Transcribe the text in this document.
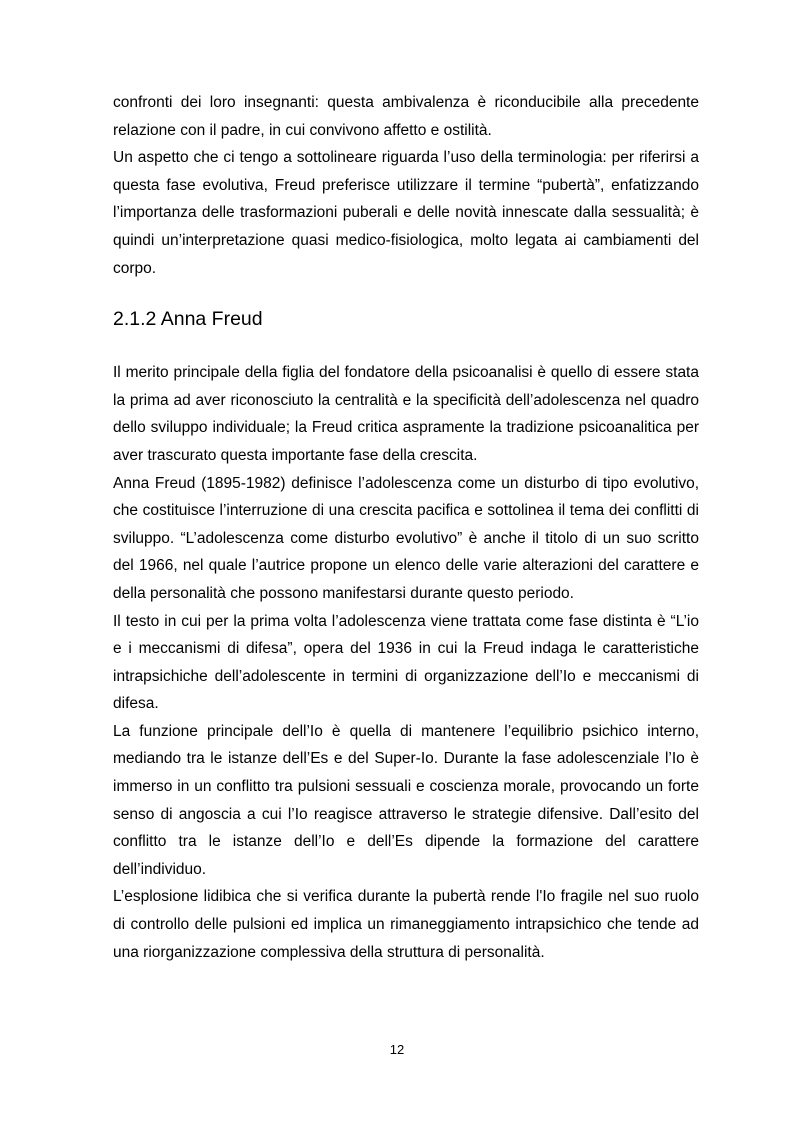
confronti dei loro insegnanti: questa ambivalenza è riconducibile alla precedente relazione con il padre, in cui convivono affetto e ostilità.

Un aspetto che ci tengo a sottolineare riguarda l’uso della terminologia: per riferirsi a questa fase evolutiva, Freud preferisce utilizzare il termine “pubertà”, enfatizzando l’importanza delle trasformazioni puberali e delle novità innescate dalla sessualità; è quindi un’interpretazione quasi medico-fisiologica, molto legata ai cambiamenti del corpo.

2.1.2 Anna Freud

Il merito principale della figlia del fondatore della psicoanalisi è quello di essere stata la prima ad aver riconosciuto la centralità e la specificità dell’adolescenza nel quadro dello sviluppo individuale; la Freud critica aspramente la tradizione psicoanalitica per aver trascurato questa importante fase della crescita.

Anna Freud (1895-1982) definisce l’adolescenza come un disturbo di tipo evolutivo, che costituisce l’interruzione di una crescita pacifica e sottolinea il tema dei conflitti di sviluppo. “L’adolescenza come disturbo evolutivo” è anche il titolo di un suo scritto del 1966, nel quale l’autrice propone un elenco delle varie alterazioni del carattere e della personalità che possono manifestarsi durante questo periodo.

Il testo in cui per la prima volta l’adolescenza viene trattata come fase distinta è “L’io e i meccanismi di difesa”, opera del 1936 in cui la Freud indaga le caratteristiche intrapsichiche dell’adolescente in termini di organizzazione dell’Io e meccanismi di difesa.

La funzione principale dell’Io è quella di mantenere l’equilibrio psichico interno, mediando tra le istanze dell’Es e del Super-Io. Durante la fase adolescenziale l’Io è immerso in un conflitto tra pulsioni sessuali e coscienza morale, provocando un forte senso di angoscia a cui l’Io reagisce attraverso le strategie difensive. Dall’esito del conflitto tra le istanze dell’Io e dell’Es dipende la formazione del carattere dell’individuo.

L’esplosione lidibica che si verifica durante la pubertà rende l'Io fragile nel suo ruolo di controllo delle pulsioni ed implica un rimaneggiamento intrapsichico che tende ad una riorganizzazione complessiva della struttura di personalità.

12
